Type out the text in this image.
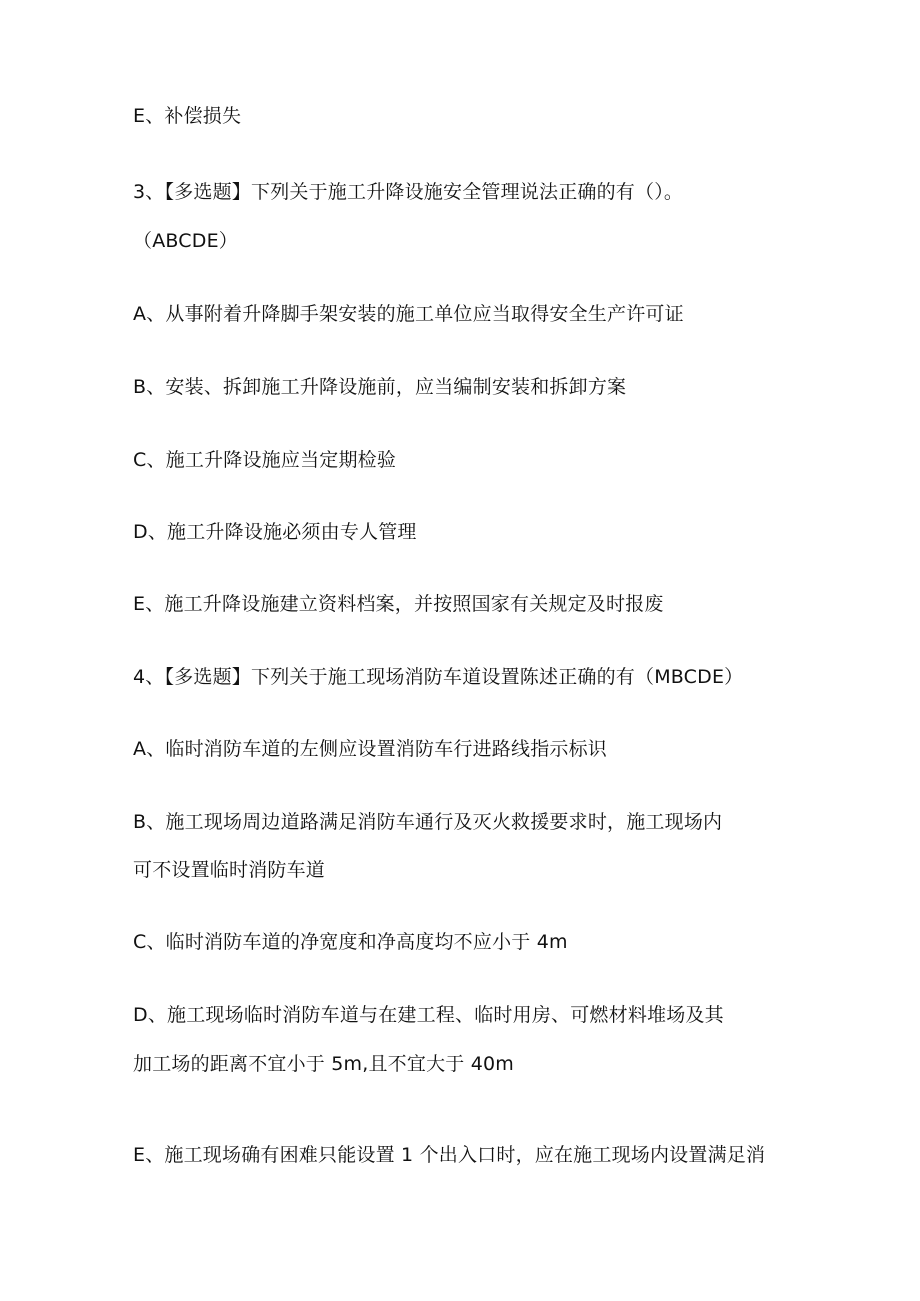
E、补偿损失
3、【多选题】下列关于施工升降设施安全管理说法正确的有（）。
（ABCDE）
A、从事附着升降脚手架安装的施工单位应当取得安全生产许可证
B、安装、拆卸施工升降设施前，应当编制安装和拆卸方案
C、施工升降设施应当定期检验
D、施工升降设施必须由专人管理
E、施工升降设施建立资料档案，并按照国家有关规定及时报废
4、【多选题】下列关于施工现场消防车道设置陈述正确的有（MBCDE）
A、临时消防车道的左侧应设置消防车行进路线指示标识
B、施工现场周边道路满足消防车通行及灭火救援要求时，施工现场内
可不设置临时消防车道
C、临时消防车道的净宽度和净高度均不应小于 4m
D、施工现场临时消防车道与在建工程、临时用房、可燃材料堆场及其
加工场的距离不宜小于 5m,且不宜大于 40m
E、施工现场确有困难只能设置 1 个出入口时，应在施工现场内设置满足消
